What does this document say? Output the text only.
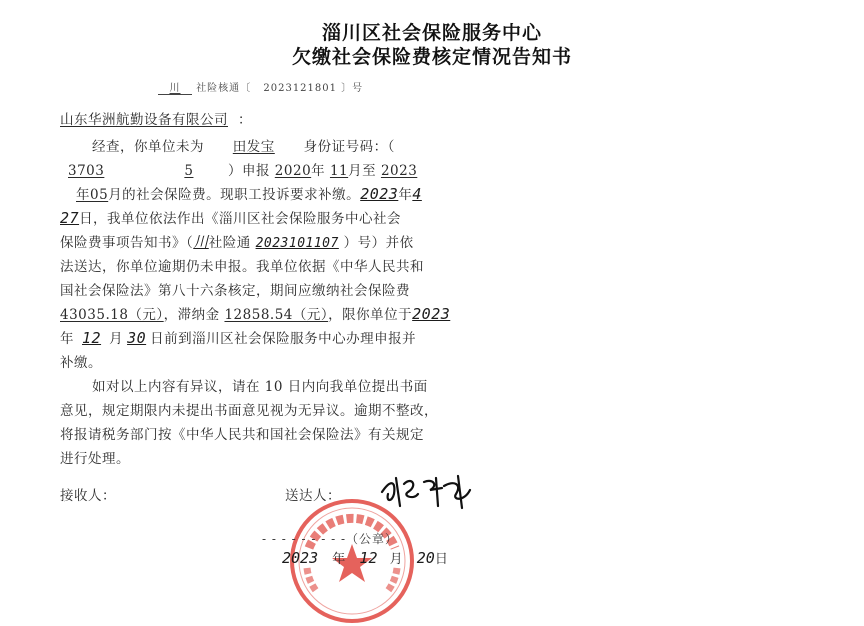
淄川区社会保险服务中心
欠缴社会保险费核定情况告知书
川 社险核通〔 2023121801 〕号
山东华洲航勤设备有限公司 ：
经查，你单位未为 田发宝 身份证号码：（
3703	5	）申报 2020年 11月至 2023
年05月的社会保险费。现职工投诉要求补缴。2023年4
27日，我单位依法作出《淄川区社会保险服务中心社会
保险费事项告知书》（川社险通 2023101107 ）号）并依
法送达，你单位逾期仍未申报。我单位依据《中华人民共和
国社会保险法》第八十六条核定，期间应缴纳社会保险费
43035.18（元），滞纳金 12858.54（元），限你单位于2023
年 12 月 30 日前到淄川区社会保险服务中心办理申报并
补缴。
如对以上内容有异议，请在 10 日内向我单位提出书面
意见，规定期限内未提出书面意见视为无异议。逾期不整改，
将报请税务部门按《中华人民共和国社会保险法》有关规定
进行处理。
接收人：	送达人：
- - - - - - - - -（公章）
2023 年 12 月 20日
